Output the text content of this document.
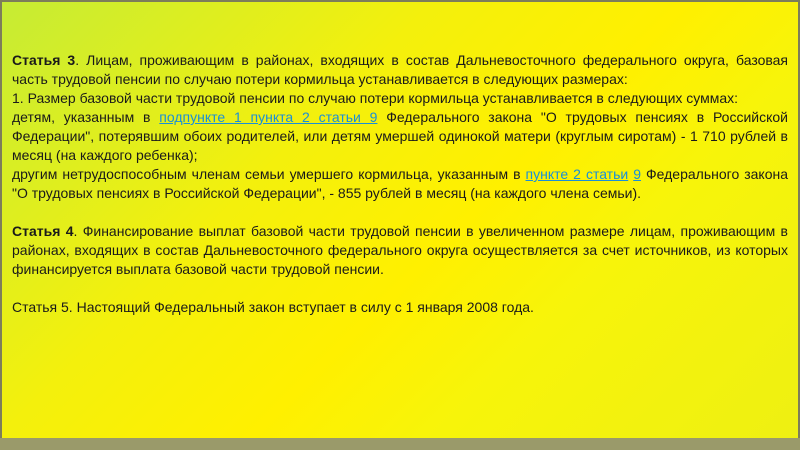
Статья 3. Лицам, проживающим в районах, входящих в состав Дальневосточного федерального округа, базовая часть трудовой пенсии по случаю потери кормильца устанавливается в следующих размерах:

1. Размер базовой части трудовой пенсии по случаю потери кормильца устанавливается в следующих суммах:

детям, указанным в подпункте 1 пункта 2 статьи 9 Федерального закона "О трудовых пенсиях в Российской Федерации", потерявшим обоих родителей, или детям умершей одинокой матери (круглым сиротам) - 1 710 рублей в месяц (на каждого ребенка);

другим нетрудоспособным членам семьи умершего кормильца, указанным в пункте 2 статьи 9 Федерального закона "О трудовых пенсиях в Российской Федерации", - 855 рублей в месяц (на каждого члена семьи).

Статья 4. Финансирование выплат базовой части трудовой пенсии в увеличенном размере лицам, проживающим в районах, входящих в состав Дальневосточного федерального округа осуществляется за счет источников, из которых финансируется выплата базовой части трудовой пенсии.

Статья 5. Настоящий Федеральный закон вступает в силу с 1 января 2008 года.
